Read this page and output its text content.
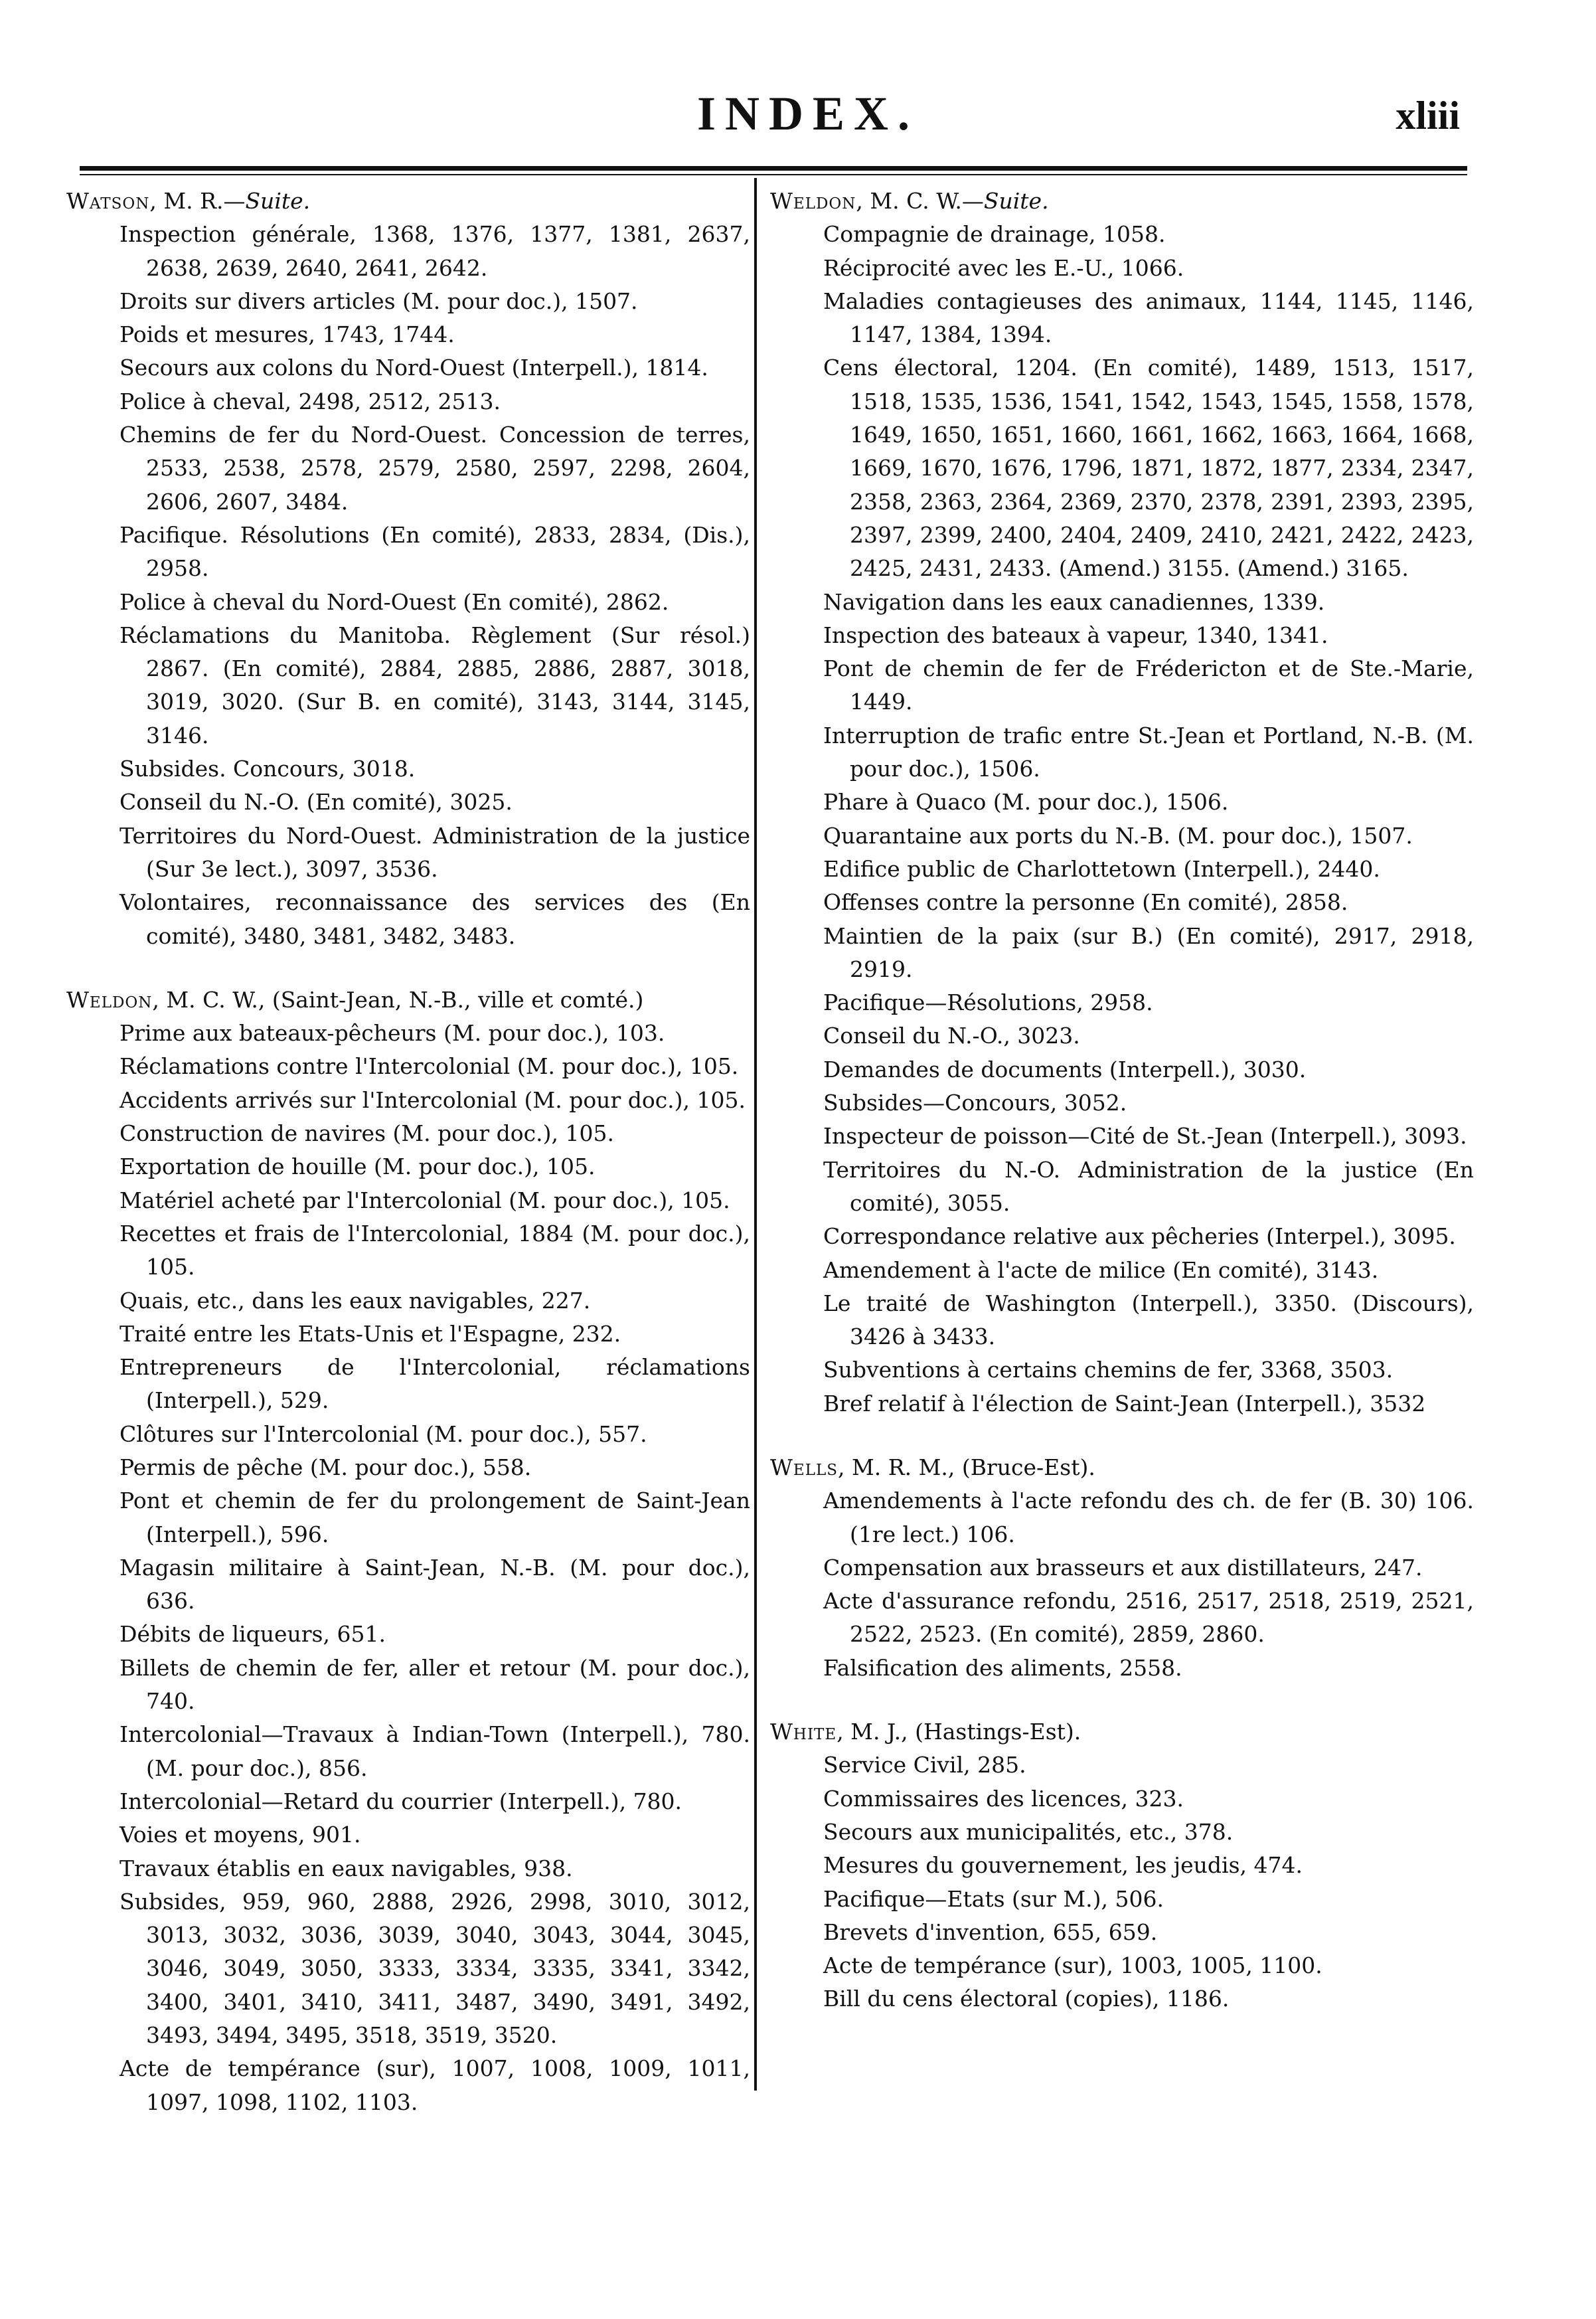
INDEX.	xliii
Watson, M. R.—Suite.
Inspection générale, 1368, 1376, 1377, 1381, 2637, 2638, 2639, 2640, 2641, 2642.
Droits sur divers articles (M. pour doc.), 1507.
Poids et mesures, 1743, 1744.
Secours aux colons du Nord-Ouest (Interpell.), 1814.
Police à cheval, 2498, 2512, 2513.
Chemins de fer du Nord-Ouest. Concession de terres, 2533, 2538, 2578, 2579, 2580, 2597, 2298, 2604, 2606, 2607, 3484.
Pacifique. Résolutions (En comité), 2833, 2834, (Dis.), 2958.
Police à cheval du Nord-Ouest (En comité), 2862.
Réclamations du Manitoba. Règlement (Sur résol.) 2867. (En comité), 2884, 2885, 2886, 2887, 3018, 3019, 3020. (Sur B. en comité), 3143, 3144, 3145, 3146.
Subsides. Concours, 3018.
Conseil du N.-O. (En comité), 3025.
Territoires du Nord-Ouest. Administration de la justice (Sur 3e lect.), 3097, 3536.
Volontaires, reconnaissance des services des (En comité), 3480, 3481, 3482, 3483.
Weldon, M. C. W., (Saint-Jean, N.-B., ville et comté.)
Prime aux bateaux-pêcheurs (M. pour doc.), 103.
Réclamations contre l'Intercolonial (M. pour doc.), 105.
Accidents arrivés sur l'Intercolonial (M. pour doc.), 105.
Construction de navires (M. pour doc.), 105.
Exportation de houille (M. pour doc.), 105.
Matériel acheté par l'Intercolonial (M. pour doc.), 105.
Recettes et frais de l'Intercolonial, 1884 (M. pour doc.), 105.
Quais, etc., dans les eaux navigables, 227.
Traité entre les Etats-Unis et l'Espagne, 232.
Entrepreneurs de l'Intercolonial, réclamations (Interpell.), 529.
Clôtures sur l'Intercolonial (M. pour doc.), 557.
Permis de pêche (M. pour doc.), 558.
Pont et chemin de fer du prolongement de Saint-Jean (Interpell.), 596.
Magasin militaire à Saint-Jean, N.-B. (M. pour doc.), 636.
Débits de liqueurs, 651.
Billets de chemin de fer, aller et retour (M. pour doc.), 740.
Intercolonial—Travaux à Indian-Town (Interpell.), 780. (M. pour doc.), 856.
Intercolonial—Retard du courrier (Interpell.), 780.
Voies et moyens, 901.
Travaux établis en eaux navigables, 938.
Subsides, 959, 960, 2888, 2926, 2998, 3010, 3012, 3013, 3032, 3036, 3039, 3040, 3043, 3044, 3045, 3046, 3049, 3050, 3333, 3334, 3335, 3341, 3342, 3400, 3401, 3410, 3411, 3487, 3490, 3491, 3492, 3493, 3494, 3495, 3518, 3519, 3520.
Acte de tempérance (sur), 1007, 1008, 1009, 1011, 1097, 1098, 1102, 1103.
Weldon, M. C. W.—Suite.
Compagnie de drainage, 1058.
Réciprocité avec les E.-U., 1066.
Maladies contagieuses des animaux, 1144, 1145, 1146, 1147, 1384, 1394.
Cens électoral, 1204. (En comité), 1489, 1513, 1517, 1518, 1535, 1536, 1541, 1542, 1543, 1545, 1558, 1578, 1649, 1650, 1651, 1660, 1661, 1662, 1663, 1664, 1668, 1669, 1670, 1676, 1796, 1871, 1872, 1877, 2334, 2347, 2358, 2363, 2364, 2369, 2370, 2378, 2391, 2393, 2395, 2397, 2399, 2400, 2404, 2409, 2410, 2421, 2422, 2423, 2425, 2431, 2433. (Amend.) 3155. (Amend.) 3165.
Navigation dans les eaux canadiennes, 1339.
Inspection des bateaux à vapeur, 1340, 1341.
Pont de chemin de fer de Frédericton et de Ste.-Marie, 1449.
Interruption de trafic entre St.-Jean et Portland, N.-B. (M. pour doc.), 1506.
Phare à Quaco (M. pour doc.), 1506.
Quarantaine aux ports du N.-B. (M. pour doc.), 1507.
Edifice public de Charlottetown (Interpell.), 2440.
Offenses contre la personne (En comité), 2858.
Maintien de la paix (sur B.) (En comité), 2917, 2918, 2919.
Pacifique—Résolutions, 2958.
Conseil du N.-O., 3023.
Demandes de documents (Interpell.), 3030.
Subsides—Concours, 3052.
Inspecteur de poisson—Cité de St.-Jean (Interpell.), 3093.
Territoires du N.-O. Administration de la justice (En comité), 3055.
Correspondance relative aux pêcheries (Interpel.), 3095.
Amendement à l'acte de milice (En comité), 3143.
Le traité de Washington (Interpell.), 3350. (Discours), 3426 à 3433.
Subventions à certains chemins de fer, 3368, 3503.
Bref relatif à l'élection de Saint-Jean (Interpell.), 3532
Wells, M. R. M., (Bruce-Est).
Amendements à l'acte refondu des ch. de fer (B. 30) 106. (1re lect.) 106.
Compensation aux brasseurs et aux distillateurs, 247.
Acte d'assurance refondu, 2516, 2517, 2518, 2519, 2521, 2522, 2523. (En comité), 2859, 2860.
Falsification des aliments, 2558.
White, M. J., (Hastings-Est).
Service Civil, 285.
Commissaires des licences, 323.
Secours aux municipalités, etc., 378.
Mesures du gouvernement, les jeudis, 474.
Pacifique—Etats (sur M.), 506.
Brevets d'invention, 655, 659.
Acte de tempérance (sur), 1003, 1005, 1100.
Bill du cens électoral (copies), 1186.
